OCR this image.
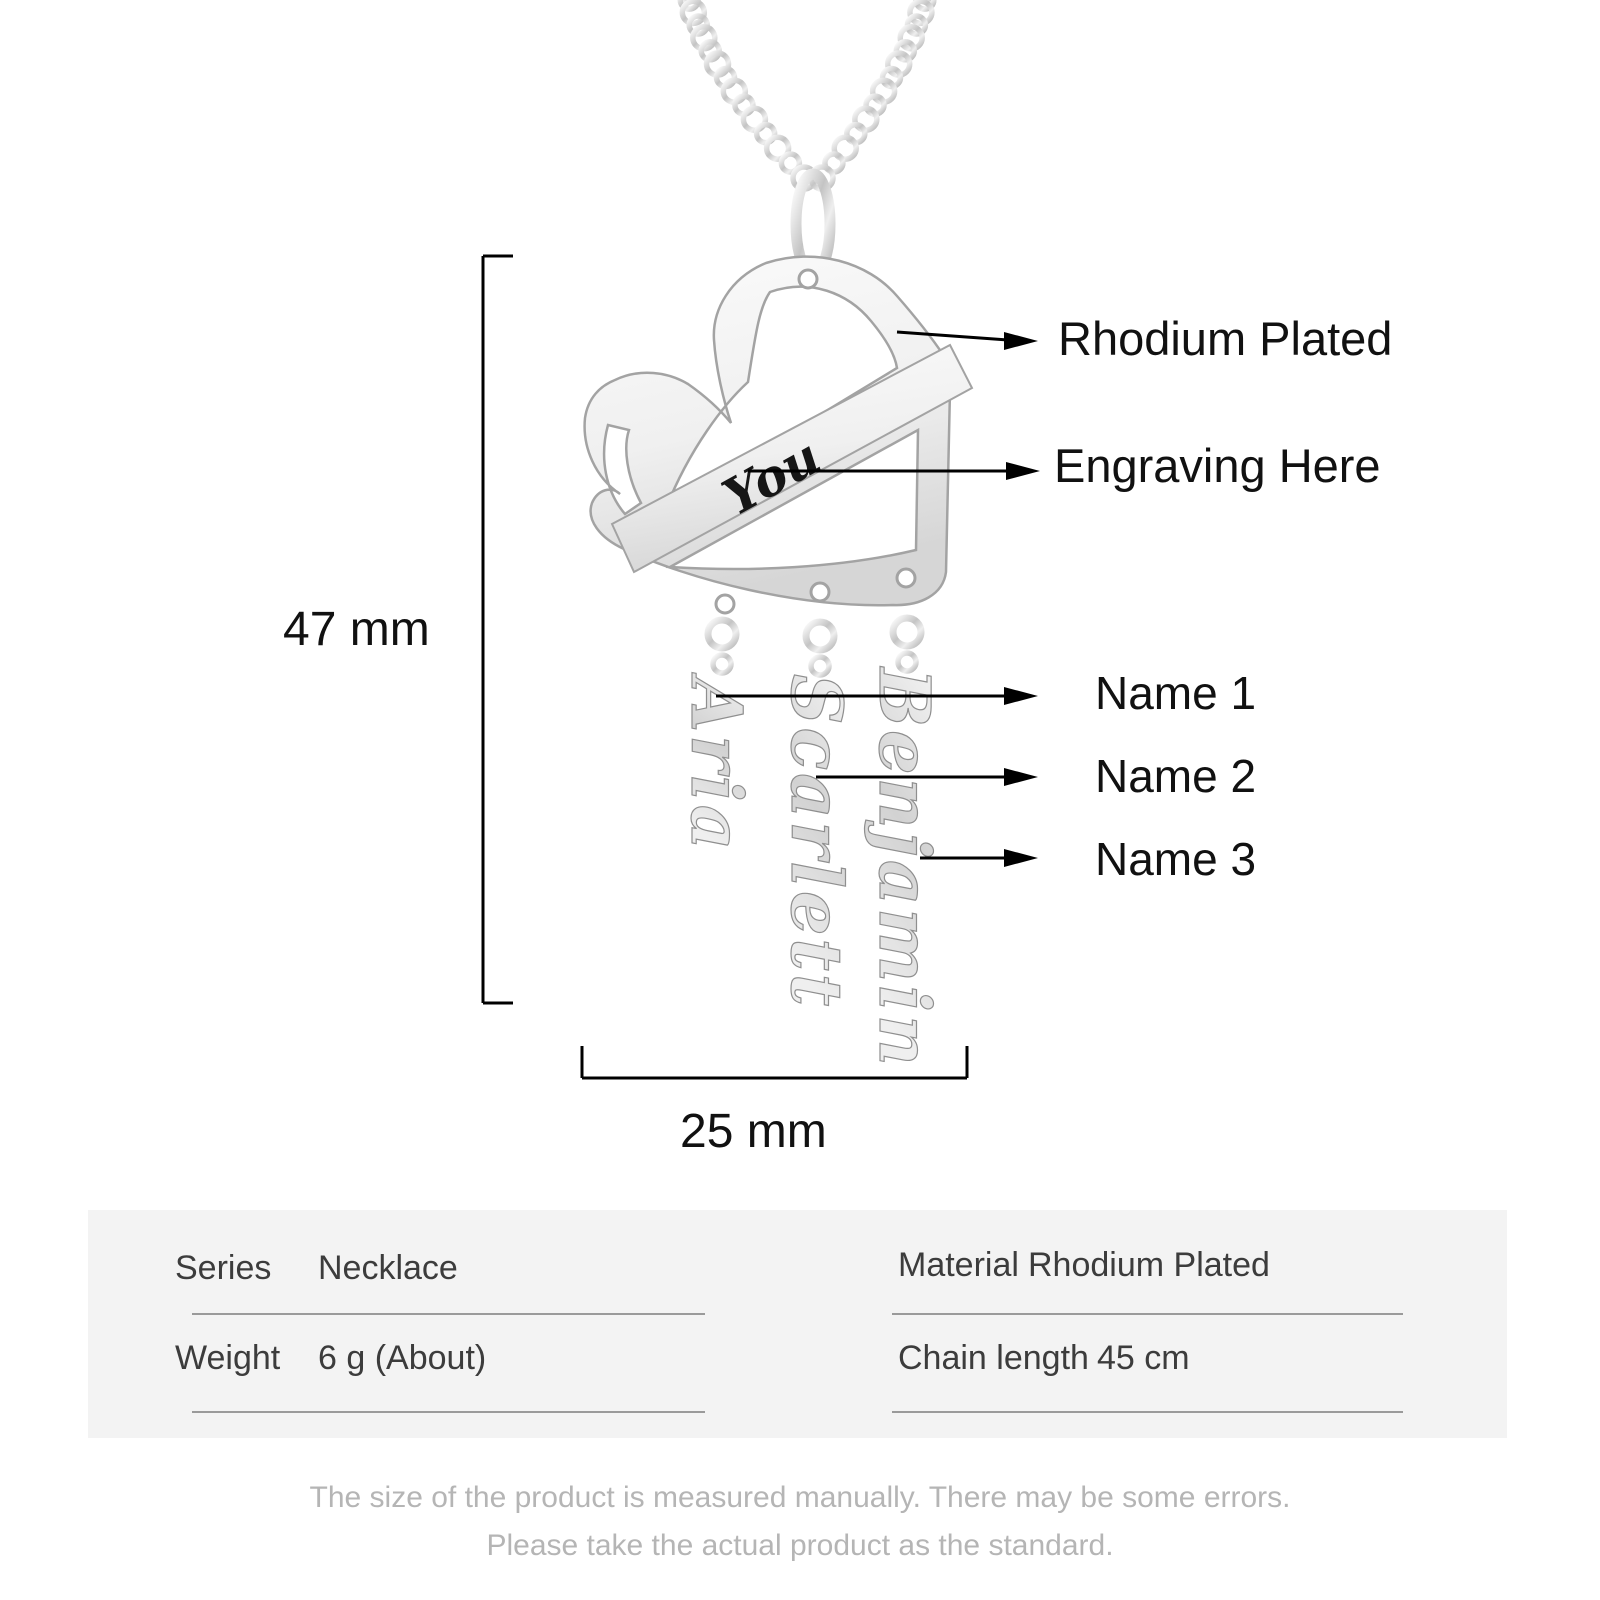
You
Aria Scarlett Benjamin
Rhodium Plated
Engraving Here
Name 1
Name 2
Name 3
47 mm
25 mm
Series Necklace
Weight 6 g (About)
Material Rhodium Plated
Chain length 45 cm
The size of the product is measured manually. There may be some errors.
Please take the actual product as the standard.
